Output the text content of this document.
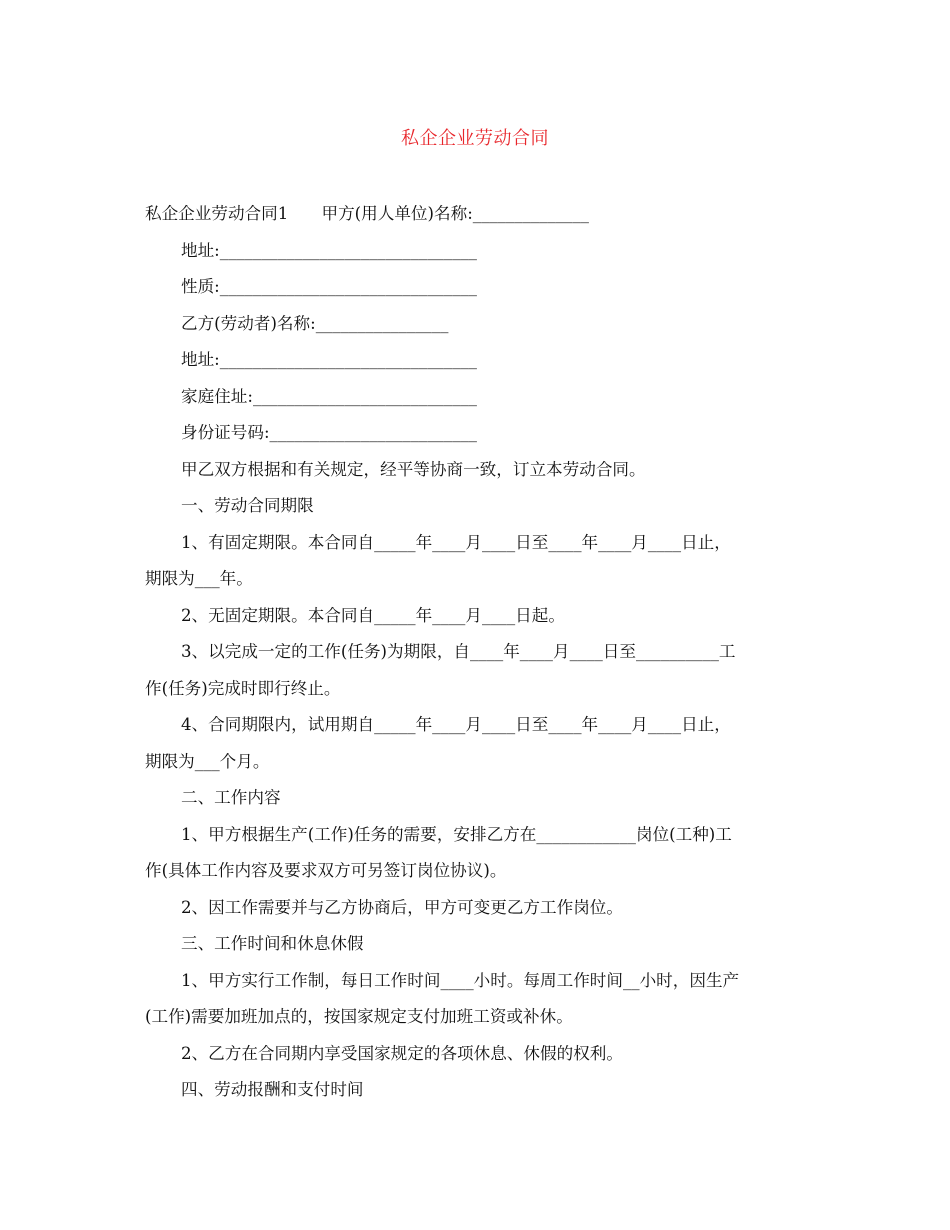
私企企业劳动合同
私企企业劳动合同1　　甲方(用人单位)名称:______________
地址:_______________________________
性质:_______________________________
乙方(劳动者)名称:________________
地址:_______________________________
家庭住址:___________________________
身份证号码:_________________________
甲乙双方根据和有关规定，经平等协商一致，订立本劳动合同。
一、劳动合同期限
1、有固定期限。本合同自_____年____月____日至____年____月____日止，
期限为___年。
2、无固定期限。本合同自_____年____月____日起。
3、以完成一定的工作(任务)为期限，自____年____月____日至__________工
作(任务)完成时即行终止。
4、合同期限内，试用期自_____年____月____日至____年____月____日止，
期限为___个月。
二、工作内容
1、甲方根据生产(工作)任务的需要，安排乙方在____________岗位(工种)工
作(具体工作内容及要求双方可另签订岗位协议)。
2、因工作需要并与乙方协商后，甲方可变更乙方工作岗位。
三、工作时间和休息休假
1、甲方实行工作制，每日工作时间____小时。每周工作时间__小时，因生产
(工作)需要加班加点的，按国家规定支付加班工资或补休。
2、乙方在合同期内享受国家规定的各项休息、休假的权利。
四、劳动报酬和支付时间
